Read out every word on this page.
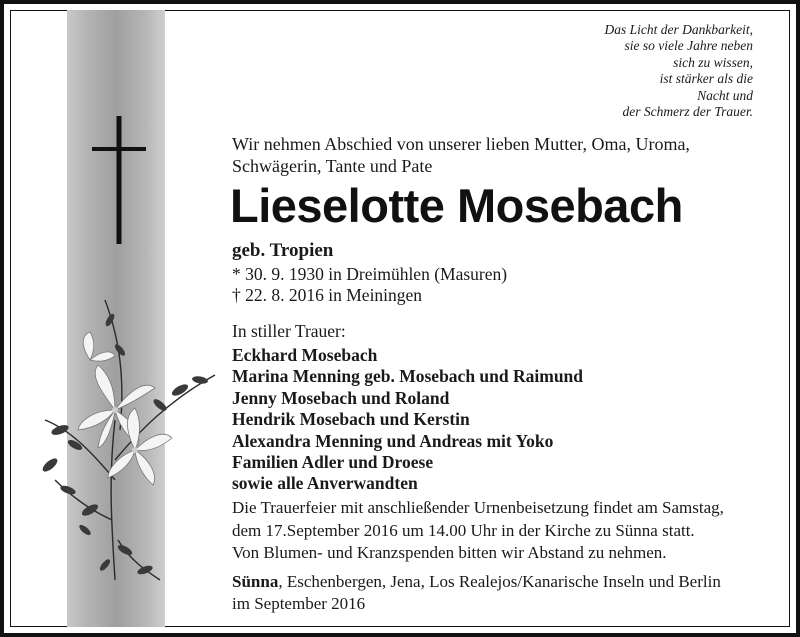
Das Licht der Dankbarkeit,
sie so viele Jahre neben
sich zu wissen,
ist stärker als die
Nacht und
der Schmerz der Trauer.
Wir nehmen Abschied von unserer lieben Mutter, Oma, Uroma,
Schwägerin, Tante und Pate
Lieselotte Mosebach
geb. Tropien
* 30. 9. 1930 in Dreimühlen (Masuren)
† 22. 8. 2016 in Meiningen
In stiller Trauer:
Eckhard Mosebach
Marina Menning geb. Mosebach und Raimund
Jenny Mosebach und Roland
Hendrik Mosebach und Kerstin
Alexandra Menning und Andreas mit Yoko
Familien Adler und Droese
sowie alle Anverwandten
Die Trauerfeier mit anschließender Urnenbeisetzung findet am Samstag,
dem 17.September 2016 um 14.00 Uhr in der Kirche zu Sünna statt.
Von Blumen- und Kranzspenden bitten wir Abstand zu nehmen.
Sünna, Eschenbergen, Jena, Los Realejos/Kanarische Inseln und Berlin
im September 2016
